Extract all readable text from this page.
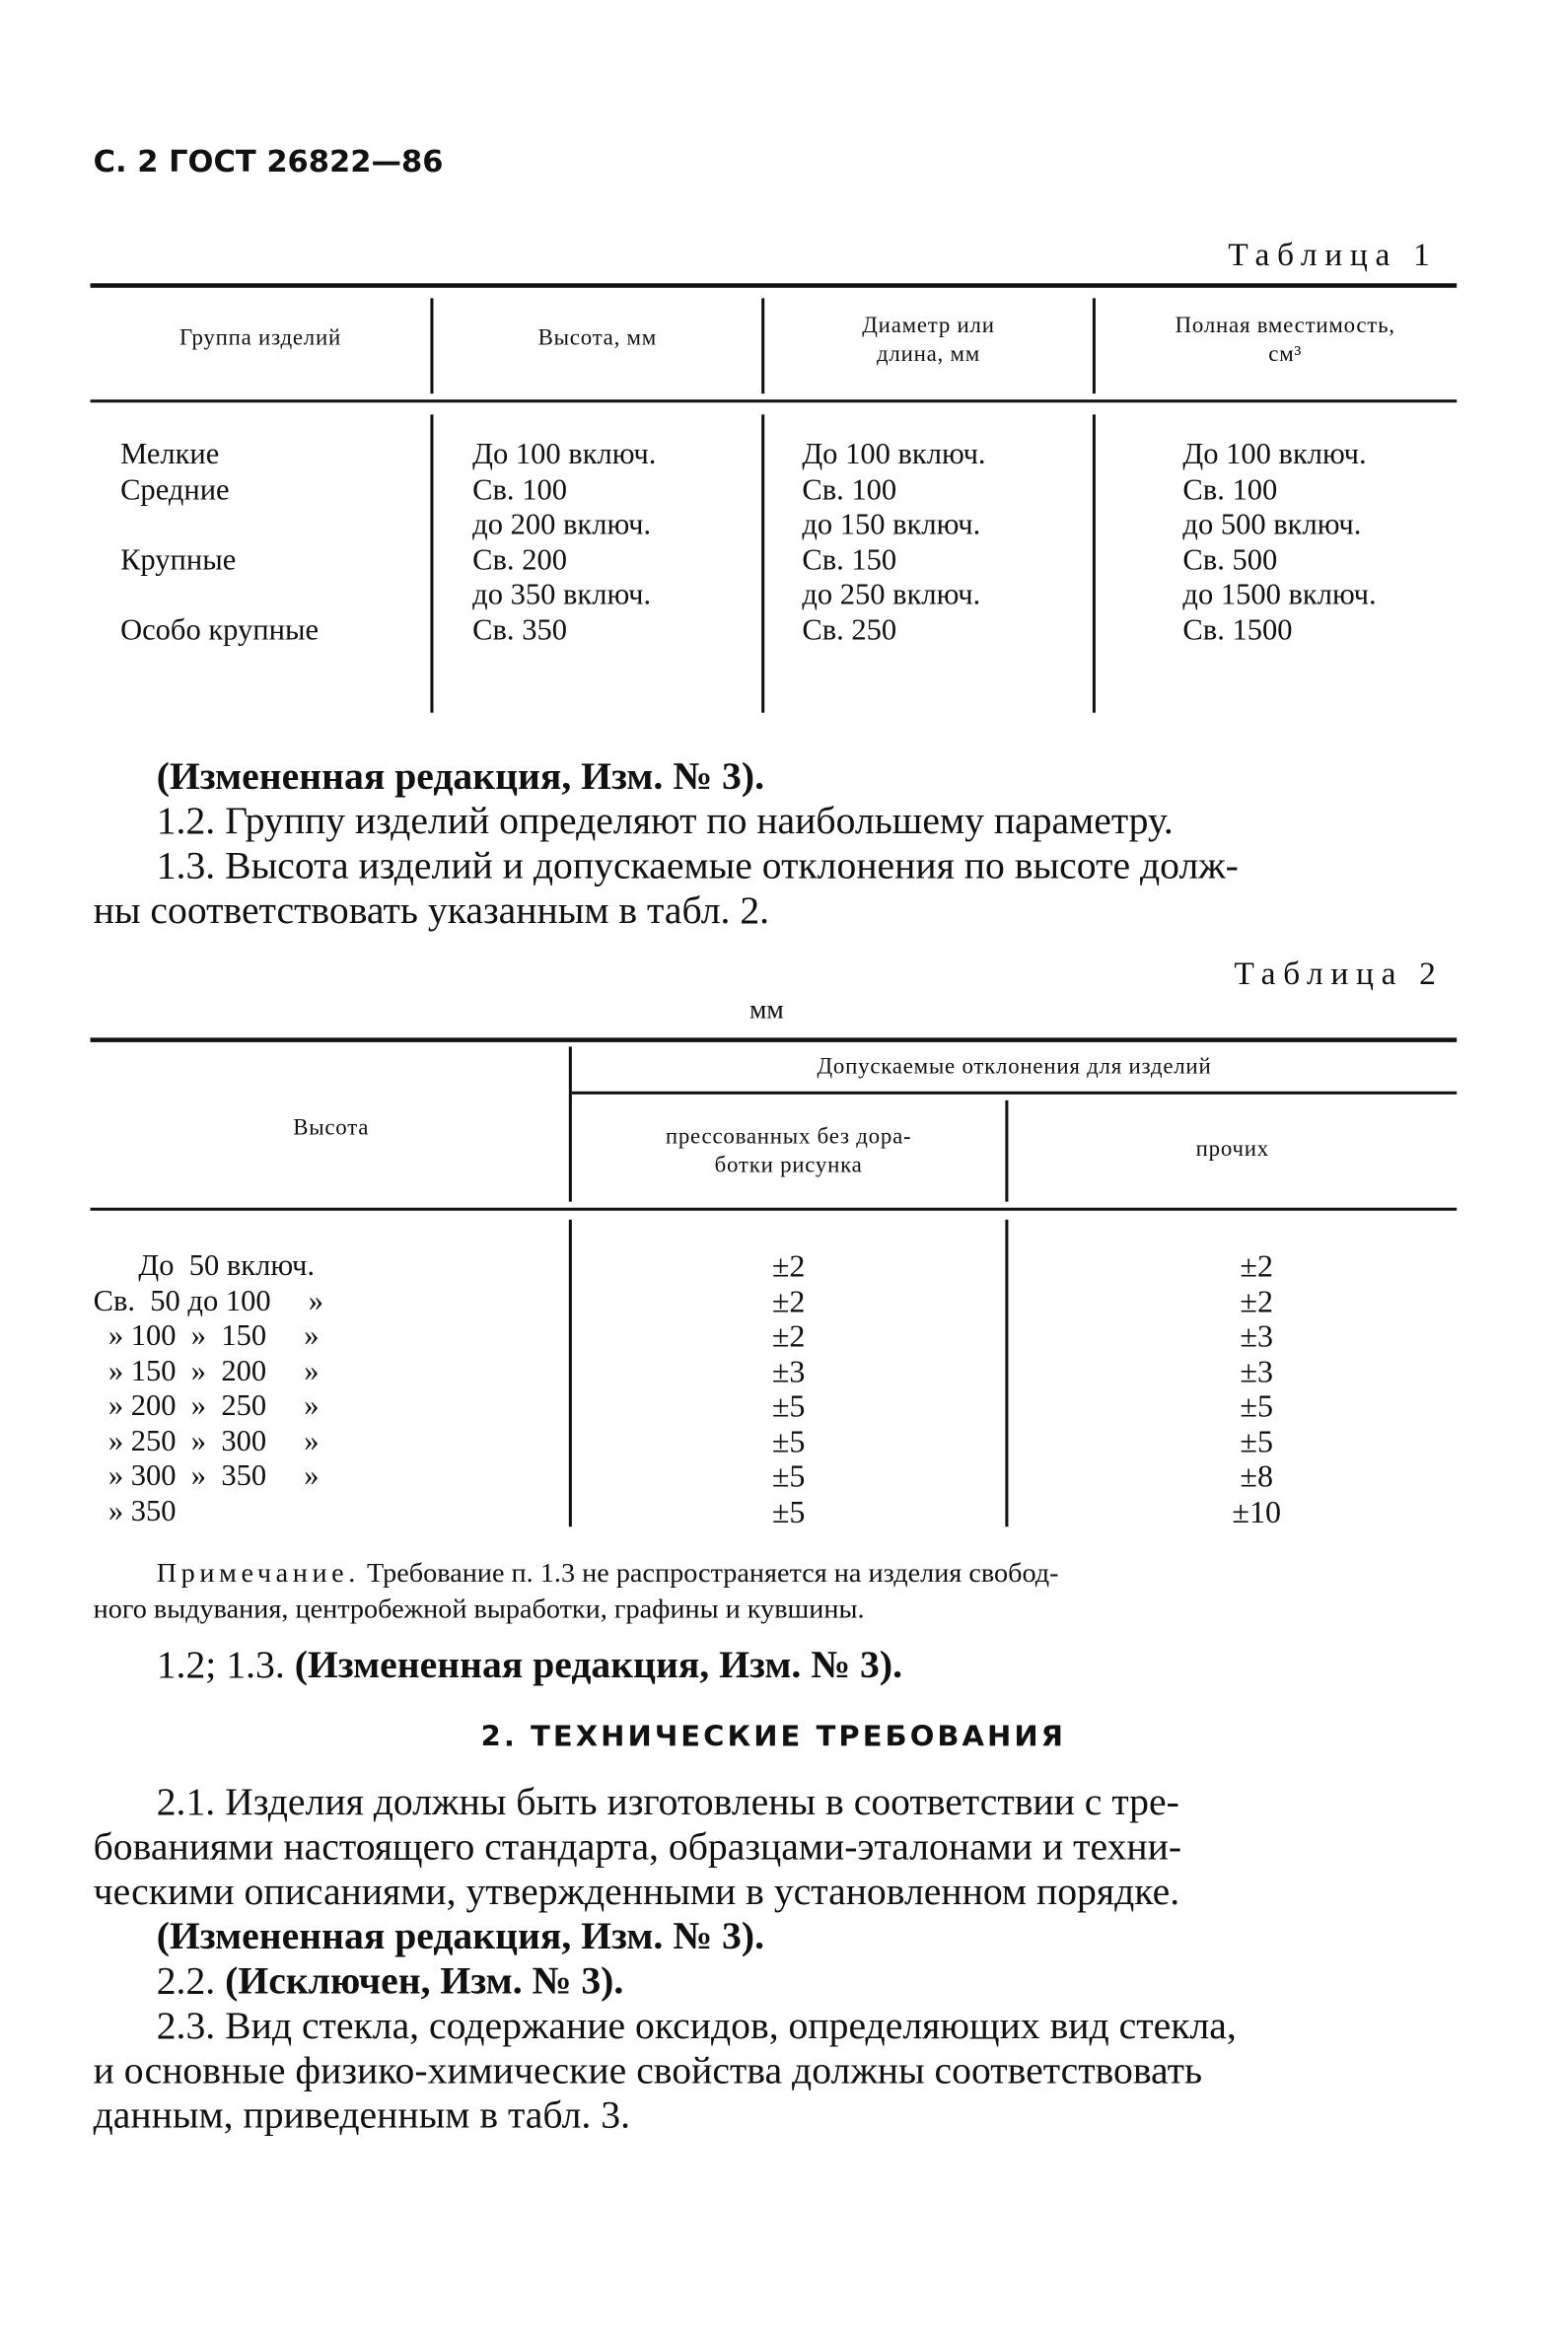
С. 2 ГОСТ 26822—86
Таблица 1
Группа изделий	Высота, мм	Диаметр или
длина, мм
Полная вместимость,
см³
Мелкие
Средние

Крупные

Особо крупные
До 100 включ.
Св. 100
до 200 включ.
Св. 200
до 350 включ.
Св. 350
До 100 включ.
Св. 100
до 150 включ.
Св. 150
до 250 включ.
Св. 250
До 100 включ.
Св. 100
до 500 включ.
Св. 500
до 1500 включ.
Св. 1500
(Измененная редакция, Изм. № 3).
1.2. Группу изделий определяют по наибольшему параметру.
1.3. Высота изделий и допускаемые отклонения по высоте долж-
ны соответствовать указанным в табл. 2.
Таблица 2
мм
Высота
Допускаемые отклонения для изделий
прессованных без дора-
ботки рисунка
прочих
До  50 включ.
Св.  50 до 100     »
» 100  »  150     »
» 150  »  200     »
» 200  »  250     »
» 250  »  300     »
» 300  »  350     »
» 350
±2
±2
±2
±3
±5
±5
±5
±5
±2
±2
±3
±3
±5
±5
±8
±10
Примечание. Требование п. 1.3 не распространяется на изделия свобод-
ного выдувания, центробежной выработки, графины и кувшины.
1.2; 1.3. (Измененная редакция, Изм. № 3).
2. ТЕХНИЧЕСКИЕ ТРЕБОВАНИЯ
2.1. Изделия должны быть изготовлены в соответствии с тре-
бованиями настоящего стандарта, образцами-эталонами и техни-
ческими описаниями, утвержденными в установленном порядке.
(Измененная редакция, Изм. № 3).
2.2. (Исключен, Изм. № 3).
2.3. Вид стекла, содержание оксидов, определяющих вид стекла,
и основные физико-химические свойства должны соответствовать
данным, приведенным в табл. 3.
